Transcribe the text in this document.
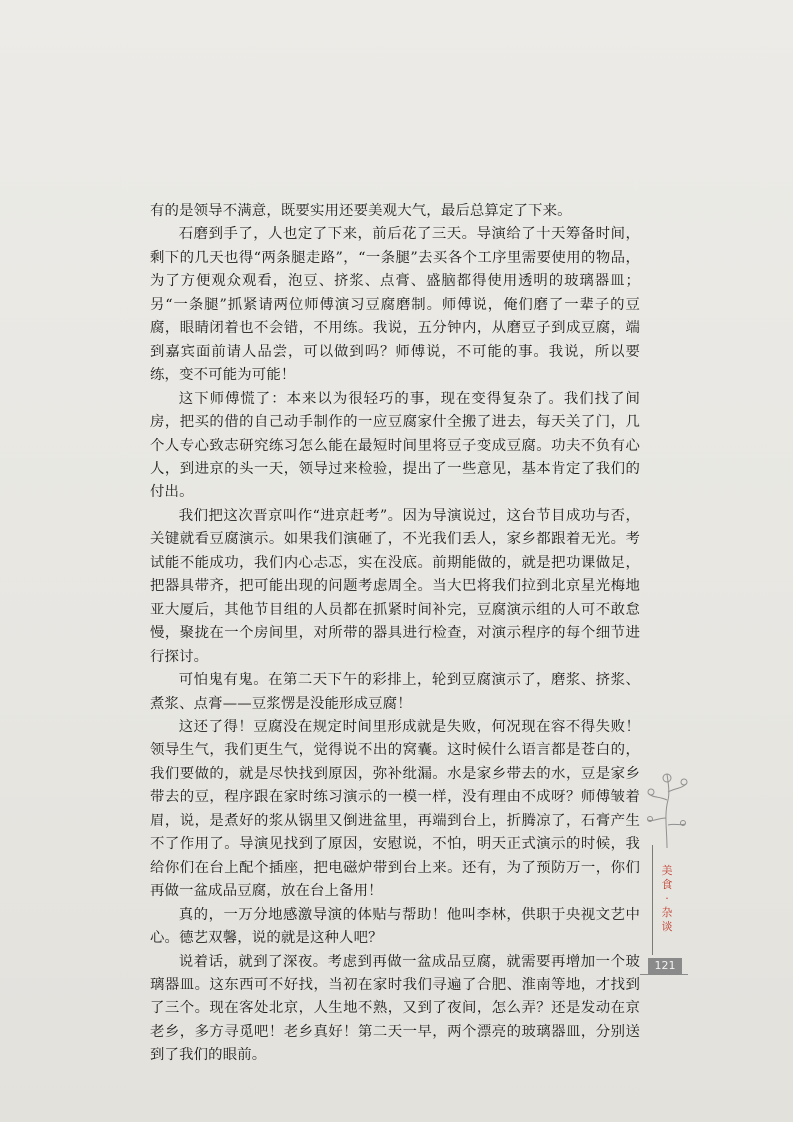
有的是领导不满意，既要实用还要美观大气，最后总算定了下来。

石磨到手了，人也定了下来，前后花了三天。导演给了十天筹备时间，剩下的几天也得“两条腿走路”，“一条腿”去买各个工序里需要使用的物品，为了方便观众观看，泡豆、挤浆、点膏、盛脑都得使用透明的玻璃器皿；另“一条腿”抓紧请两位师傅演习豆腐磨制。师傅说，俺们磨了一辈子的豆腐，眼睛闭着也不会错，不用练。我说，五分钟内，从磨豆子到成豆腐，端到嘉宾面前请人品尝，可以做到吗？师傅说，不可能的事。我说，所以要练，变不可能为可能！

这下师傅慌了：本来以为很轻巧的事，现在变得复杂了。我们找了间房，把买的借的自己动手制作的一应豆腐家什全搬了进去，每天关了门，几个人专心致志研究练习怎么能在最短时间里将豆子变成豆腐。功夫不负有心人，到进京的头一天，领导过来检验，提出了一些意见，基本肯定了我们的付出。

我们把这次晋京叫作“进京赶考”。因为导演说过，这台节目成功与否，关键就看豆腐演示。如果我们演砸了，不光我们丢人，家乡都跟着无光。考试能不能成功，我们内心忐忑，实在没底。前期能做的，就是把功课做足，把器具带齐，把可能出现的问题考虑周全。当大巴将我们拉到北京星光梅地亚大厦后，其他节目组的人员都在抓紧时间补完，豆腐演示组的人可不敢怠慢，聚拢在一个房间里，对所带的器具进行检查，对演示程序的每个细节进行探讨。

可怕鬼有鬼。在第二天下午的彩排上，轮到豆腐演示了，磨浆、挤浆、煮浆、点膏——豆浆愣是没能形成豆腐！

这还了得！豆腐没在规定时间里形成就是失败，何况现在容不得失败！领导生气，我们更生气，觉得说不出的窝囊。这时候什么语言都是苍白的，我们要做的，就是尽快找到原因，弥补纰漏。水是家乡带去的水，豆是家乡带去的豆，程序跟在家时练习演示的一模一样，没有理由不成呀？师傅皱着眉，说，是煮好的浆从锅里又倒进盆里，再端到台上，折腾凉了，石膏产生不了作用了。导演见找到了原因，安慰说，不怕，明天正式演示的时候，我给你们在台上配个插座，把电磁炉带到台上来。还有，为了预防万一，你们再做一盆成品豆腐，放在台上备用！

真的，一万分地感激导演的体贴与帮助！他叫李林，供职于央视文艺中心。德艺双馨，说的就是这种人吧？

说着话，就到了深夜。考虑到再做一盆成品豆腐，就需要再增加一个玻璃器皿。这东西可不好找，当初在家时我们寻遍了合肥、淮南等地，才找到了三个。现在客处北京，人生地不熟，又到了夜间，怎么弄？还是发动在京老乡，多方寻觅吧！老乡真好！第二天一早，两个漂亮的玻璃器皿，分别送到了我们的眼前。

美食
·
杂谈
121
